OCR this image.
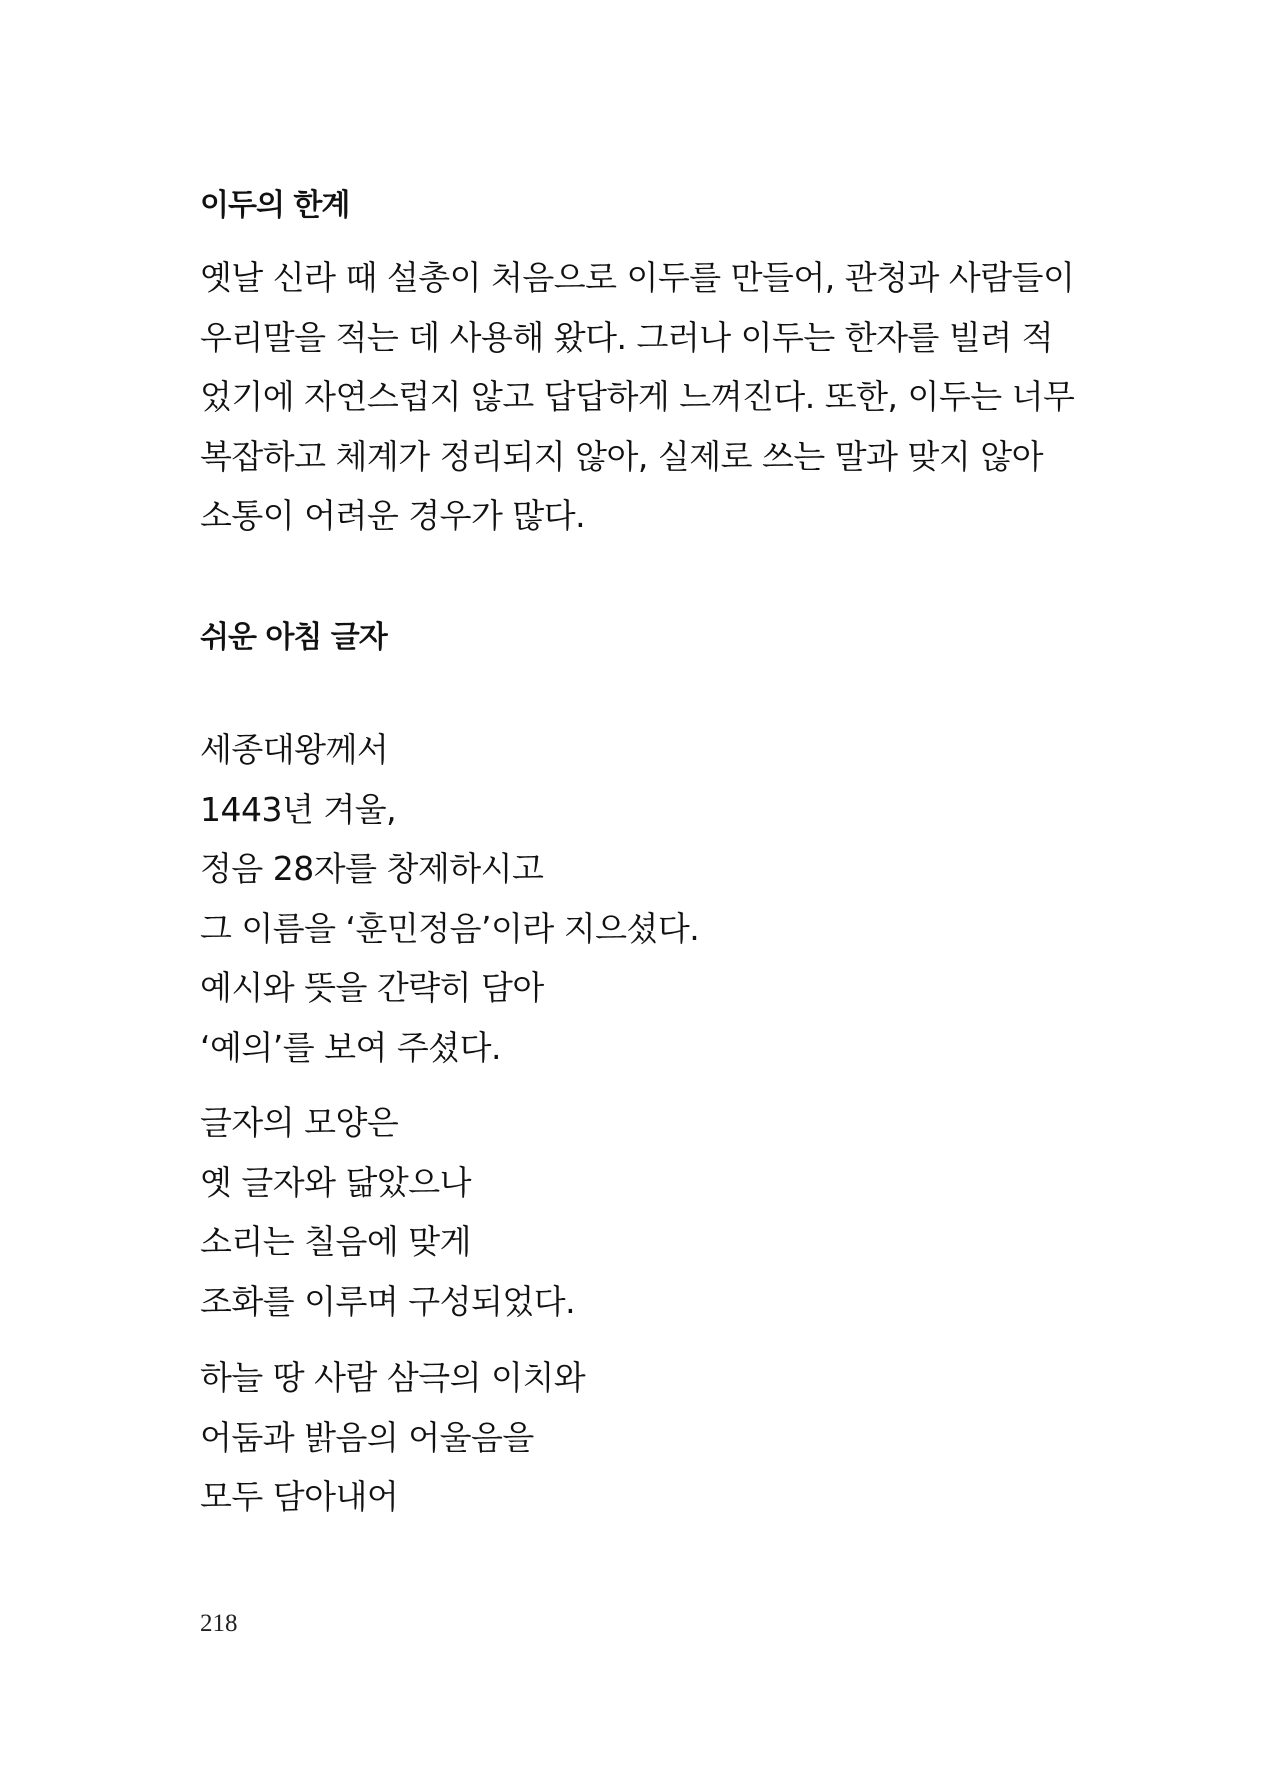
이두의 한계
옛날 신라 때 설총이 처음으로 이두를 만들어, 관청과 사람들이
우리말을 적는 데 사용해 왔다. 그러나 이두는 한자를 빌려 적
었기에 자연스럽지 않고 답답하게 느껴진다. 또한, 이두는 너무
복잡하고 체계가 정리되지 않아, 실제로 쓰는 말과 맞지 않아
소통이 어려운 경우가 많다.
쉬운 아침 글자
세종대왕께서
1443년 겨울,
정음 28자를 창제하시고
그 이름을 ‘훈민정음’이라 지으셨다.
예시와 뜻을 간략히 담아
‘예의’를 보여 주셨다.
글자의 모양은
옛 글자와 닮았으나
소리는 칠음에 맞게
조화를 이루며 구성되었다.
하늘 땅 사람 삼극의 이치와
어둠과 밝음의 어울음을
모두 담아내어
218
